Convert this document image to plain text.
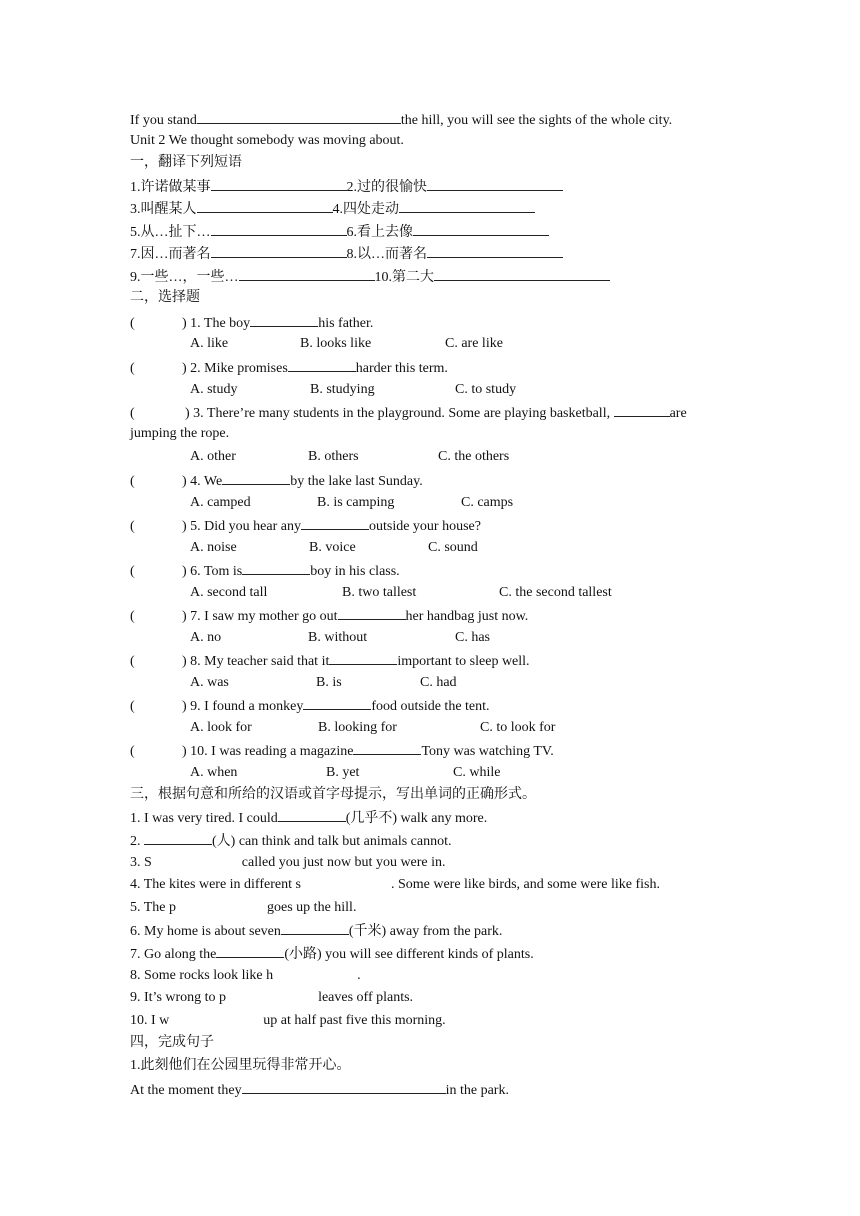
If you stand	the hill, you will see the sights of the whole city.
Unit 2 We thought somebody was moving about.
一，翻译下列短语
1.许诺做某事	2.过的很愉快
3.叫醒某人	4.四处走动
5.从…扯下…	6.看上去像
7.因…而著名	8.以…而著名
9.一些…，一些…	10.第二大
二，选择题
(	) 1. The boy	his father.
A. like	B. looks like	C. are like
(	) 2. Mike promises	harder this term.
A. study	B. studying	C. to study
(	) 3. There’re many students in the playground. Some are playing basketball,	are
jumping the rope.
A. other	B. others	C. the others
(	) 4. We	by the lake last Sunday.
A. camped	B. is camping	C. camps
(	) 5. Did you hear any	outside your house?
A. noise	B. voice	C. sound
(	) 6. Tom is	boy in his class.
A. second tall	B. two tallest	C. the second tallest
(	) 7. I saw my mother go out	her handbag just now.
A. no	B. without	C. has
(	) 8. My teacher said that it	important to sleep well.
A. was	B. is	C. had
(	) 9. I found a monkey	food outside the tent.
A. look for	B. looking for	C. to look for
(	) 10. I was reading a magazine	Tony was watching TV.
A. when	B. yet	C. while
三，根据句意和所给的汉语或首字母提示，写出单词的正确形式。
1. I was very tired. I could	(几乎不) walk any more.
2.	(人) can think and talk but animals cannot.
3. S	called you just now but you were in.
4. The kites were in different s	. Some were like birds, and some were like fish.
5. The p	goes up the hill.
6. My home is about seven	(千米) away from the park.
7. Go along the	(小路) you will see different kinds of plants.
8. Some rocks look like h	.
9. It’s wrong to p	leaves off plants.
10. I w	up at half past five this morning.
四，完成句子
1.此刻他们在公园里玩得非常开心。
At the moment they	in the park.
